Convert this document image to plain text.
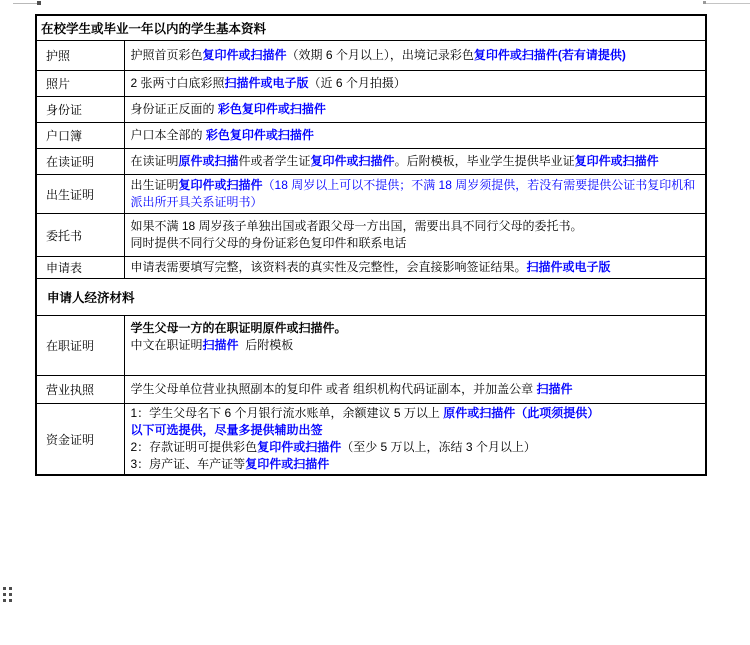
在校学生或毕业一年以内的学生基本资料	
护照	护照首页彩色复印件或扫描件（效期 6 个月以上），出境记录彩色复印件或扫描件(若有请提供)

照片	2 张两寸白底彩照扫描件或电子版（近 6 个月拍摄）

身份证	身份证正反面的 彩色复印件或扫描件

户口簿	户口本全部的 彩色复印件或扫描件

在读证明	在读证明原件或扫描件或者学生证复印件或扫描件。后附模板，毕业学生提供毕业证复印件或扫描件

出生证明	出生证明复印件或扫描件（18 周岁以上可以不提供；不满 18 周岁须提供，若没有需要提供公证书复印机和
派出所开具关系证明书）

委托书	如果不满 18 周岁孩子单独出国或者跟父母一方出国，需要出具不同行父母的委托书。
同时提供不同行父母的身份证彩色复印件和联系电话

申请表	申请表需要填写完整，该资料表的真实性及完整性，会直接影响签证结果。扫描件或电子版

申请人经济材料	
在职证明	学生父母一方的在职证明原件或扫描件。
中文在职证明扫描件  后附模板

营业执照	学生父母单位营业执照副本的复印件 或者 组织机构代码证副本，并加盖公章 扫描件

资金证明	1：学生父母名下 6 个月银行流水账单，余额建议 5 万以上 原件或扫描件（此项须提供）
以下可选提供，尽量多提供辅助出签
2：存款证明可提供彩色复印件或扫描件（至少 5 万以上，冻结 3 个月以上）
3：房产证、车产证等复印件或扫描件
